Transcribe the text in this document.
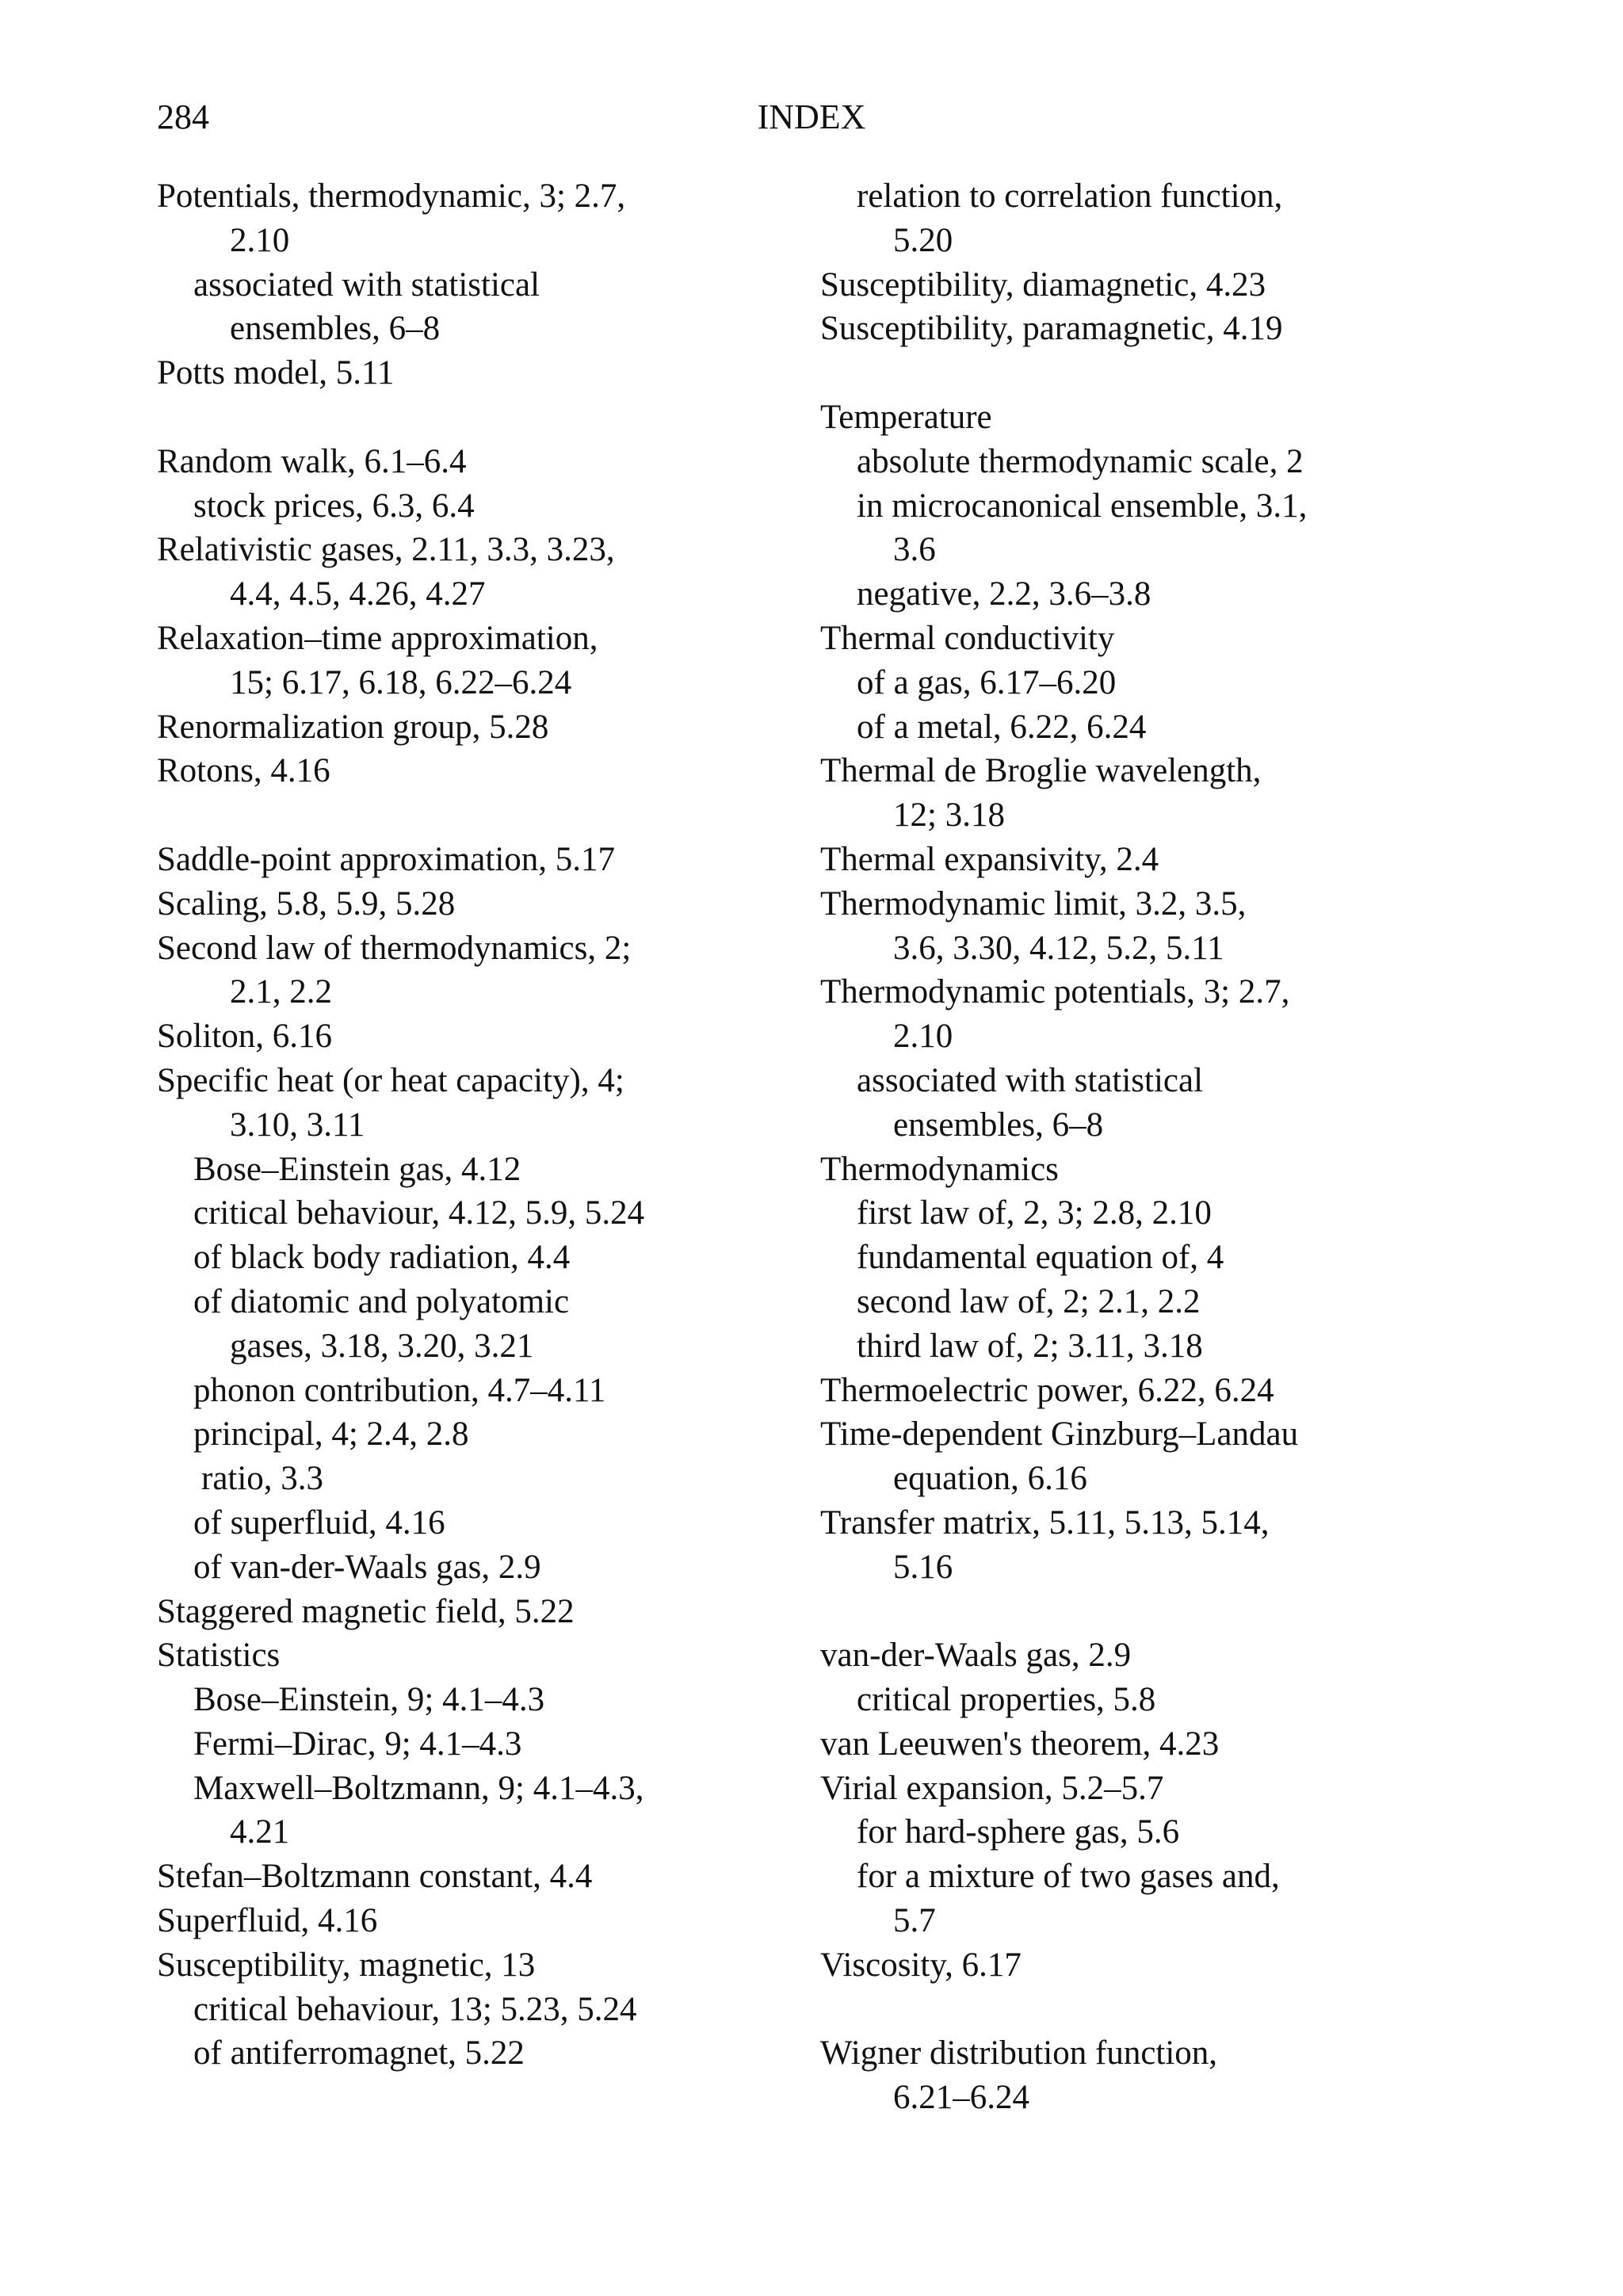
284	INDEX

Potentials, thermodynamic, 3; 2.7,
2.10
associated with statistical
ensembles, 6–8
Potts model, 5.11
Random walk, 6.1–6.4
stock prices, 6.3, 6.4
Relativistic gases, 2.11, 3.3, 3.23,
4.4, 4.5, 4.26, 4.27
Relaxation–time approximation,
15; 6.17, 6.18, 6.22–6.24
Renormalization group, 5.28
Rotons, 4.16
Saddle-point approximation, 5.17
Scaling, 5.8, 5.9, 5.28
Second law of thermodynamics, 2;
2.1, 2.2
Soliton, 6.16
Specific heat (or heat capacity), 4;
3.10, 3.11
Bose–Einstein gas, 4.12
critical behaviour, 4.12, 5.9, 5.24
of black body radiation, 4.4
of diatomic and polyatomic
gases, 3.18, 3.20, 3.21
phonon contribution, 4.7–4.11
principal, 4; 2.4, 2.8
ratio, 3.3
of superfluid, 4.16
of van-der-Waals gas, 2.9
Staggered magnetic field, 5.22
Statistics
Bose–Einstein, 9; 4.1–4.3
Fermi–Dirac, 9; 4.1–4.3
Maxwell–Boltzmann, 9; 4.1–4.3,
4.21
Stefan–Boltzmann constant, 4.4
Superfluid, 4.16
Susceptibility, magnetic, 13
critical behaviour, 13; 5.23, 5.24
of antiferromagnet, 5.22
relation to correlation function,
5.20
Susceptibility, diamagnetic, 4.23
Susceptibility, paramagnetic, 4.19
Temperature
absolute thermodynamic scale, 2
in microcanonical ensemble, 3.1,
3.6
negative, 2.2, 3.6–3.8
Thermal conductivity
of a gas, 6.17–6.20
of a metal, 6.22, 6.24
Thermal de Broglie wavelength,
12; 3.18
Thermal expansivity, 2.4
Thermodynamic limit, 3.2, 3.5,
3.6, 3.30, 4.12, 5.2, 5.11
Thermodynamic potentials, 3; 2.7,
2.10
associated with statistical
ensembles, 6–8
Thermodynamics
first law of, 2, 3; 2.8, 2.10
fundamental equation of, 4
second law of, 2; 2.1, 2.2
third law of, 2; 3.11, 3.18
Thermoelectric power, 6.22, 6.24
Time-dependent Ginzburg–Landau
equation, 6.16
Transfer matrix, 5.11, 5.13, 5.14,
5.16
van-der-Waals gas, 2.9
critical properties, 5.8
van Leeuwen's theorem, 4.23
Virial expansion, 5.2–5.7
for hard-sphere gas, 5.6
for a mixture of two gases and,
5.7
Viscosity, 6.17
Wigner distribution function,
6.21–6.24
